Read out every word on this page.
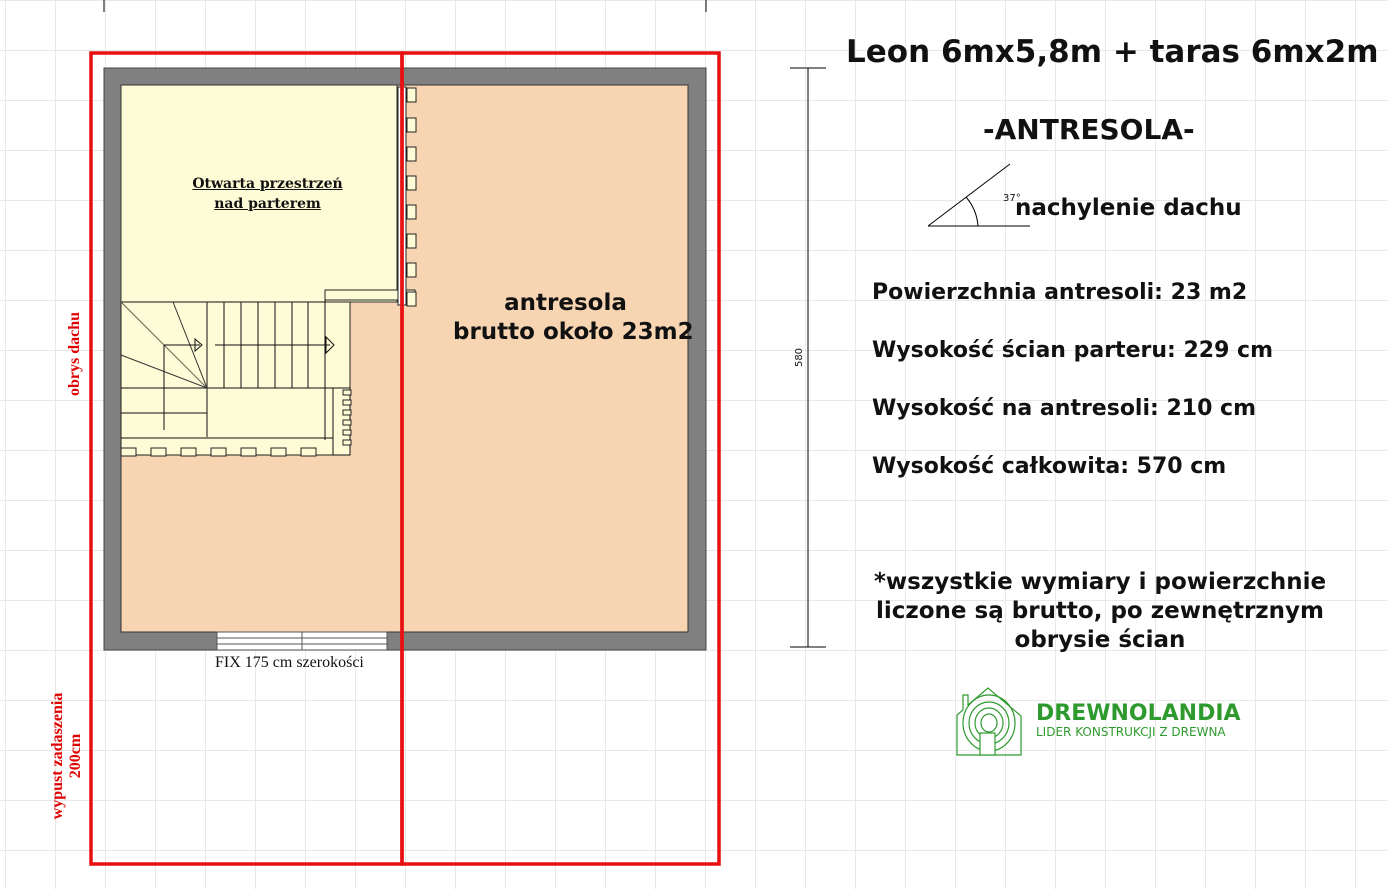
Leon 6mx5,8m + taras 6mx2m
-ANTRESOLA-
37°
nachylenie dachu
Powierzchnia antresoli: 23 m2
Wysokość ścian parteru: 229 cm
Wysokość na antresoli: 210 cm
Wysokość całkowita: 570 cm
*wszystkie wymiary i powierzchnie liczone są brutto, po zewnętrznym obrysie ścian
antresola
brutto około 23m2
Otwarta przestrzeń
nad parterem
FIX 175 cm szerokości
580
obrys dachu
wypust zadaszenia 200cm
DREWNOLANDIA
LIDER KONSTRUKCJI Z DREWNA
